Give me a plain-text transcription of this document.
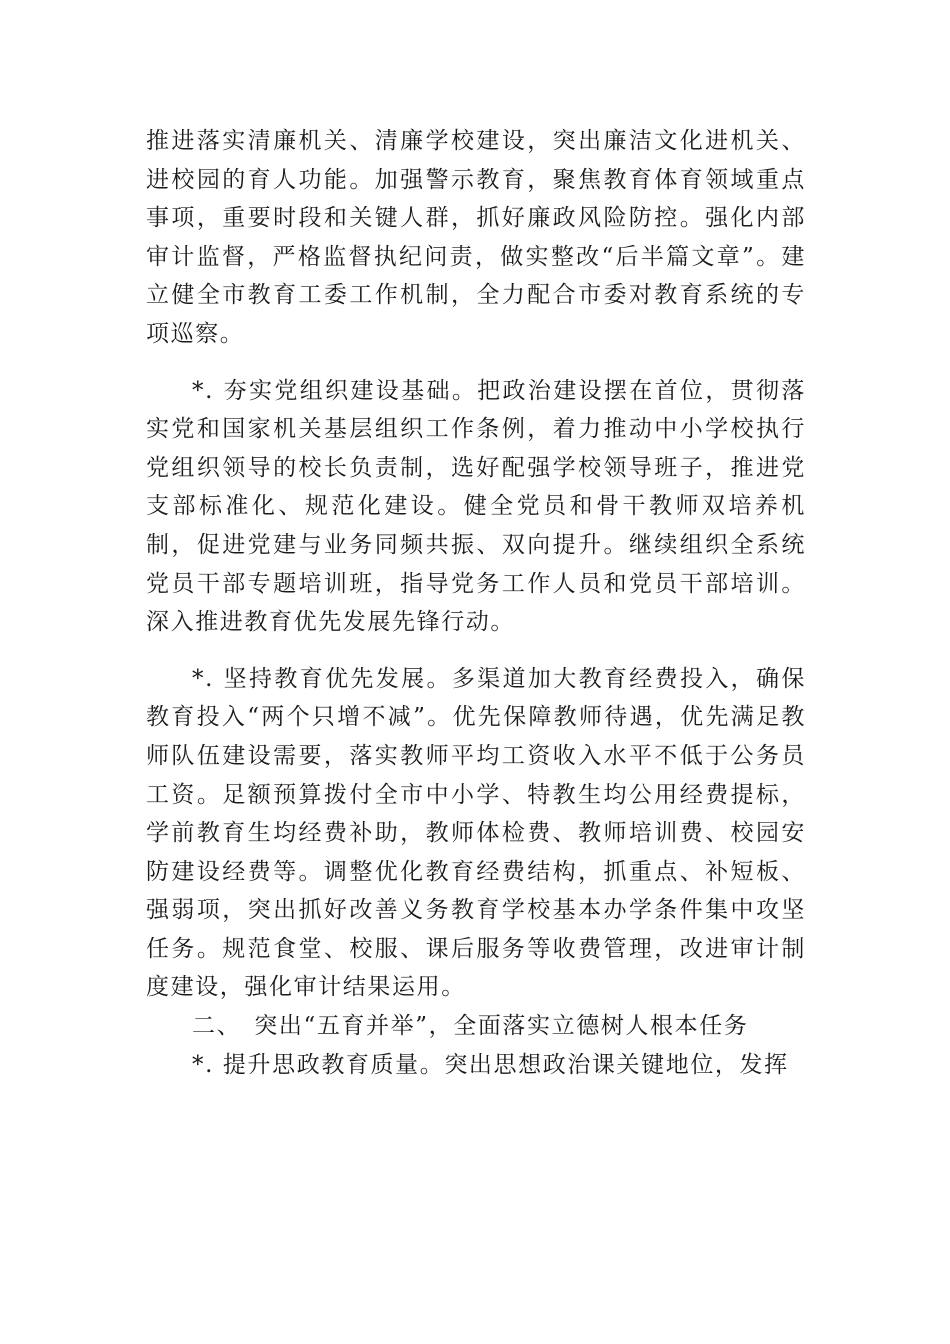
推进落实清廉机关、清廉学校建设，突出廉洁文化进机关、进校园的育人功能。加强警示教育，聚焦教育体育领域重点事项，重要时段和关键人群，抓好廉政风险防控。强化内部审计监督，严格监督执纪问责，做实整改“后半篇文章”。建立健全市教育工委工作机制，全力配合市委对教育系统的专项巡察。

*. 夯实党组织建设基础。把政治建设摆在首位，贯彻落实党和国家机关基层组织工作条例，着力推动中小学校执行党组织领导的校长负责制，选好配强学校领导班子，推进党支部标准化、规范化建设。健全党员和骨干教师双培养机制，促进党建与业务同频共振、双向提升。继续组织全系统党员干部专题培训班，指导党务工作人员和党员干部培训。深入推进教育优先发展先锋行动。

*. 坚持教育优先发展。多渠道加大教育经费投入，确保教育投入“两个只增不减”。优先保障教师待遇，优先满足教师队伍建设需要，落实教师平均工资收入水平不低于公务员工资。足额预算拨付全市中小学、特教生均公用经费提标，学前教育生均经费补助，教师体检费、教师培训费、校园安防建设经费等。调整优化教育经费结构，抓重点、补短板、强弱项，突出抓好改善义务教育学校基本办学条件集中攻坚任务。规范食堂、校服、课后服务等收费管理，改进审计制度建设，强化审计结果运用。

二、　突出“五育并举”，全面落实立德树人根本任务

*. 提升思政教育质量。突出思想政治课关键地位，发挥
